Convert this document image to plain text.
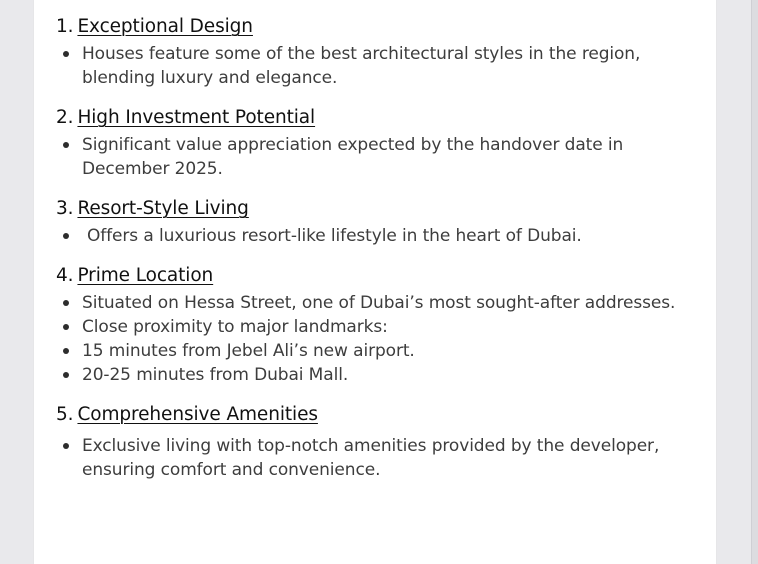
1. Exceptional Design
Houses feature some of the best architectural styles in the region, blending luxury and elegance.
2. High Investment Potential
Significant value appreciation expected by the handover date in December 2025.
3. Resort-Style Living
Offers a luxurious resort-like lifestyle in the heart of Dubai.
4. Prime Location
Situated on Hessa Street, one of Dubai’s most sought-after addresses.
Close proximity to major landmarks:
15 minutes from Jebel Ali’s new airport.
20-25 minutes from Dubai Mall.
5. Comprehensive Amenities
Exclusive living with top-notch amenities provided by the developer, ensuring comfort and convenience.
